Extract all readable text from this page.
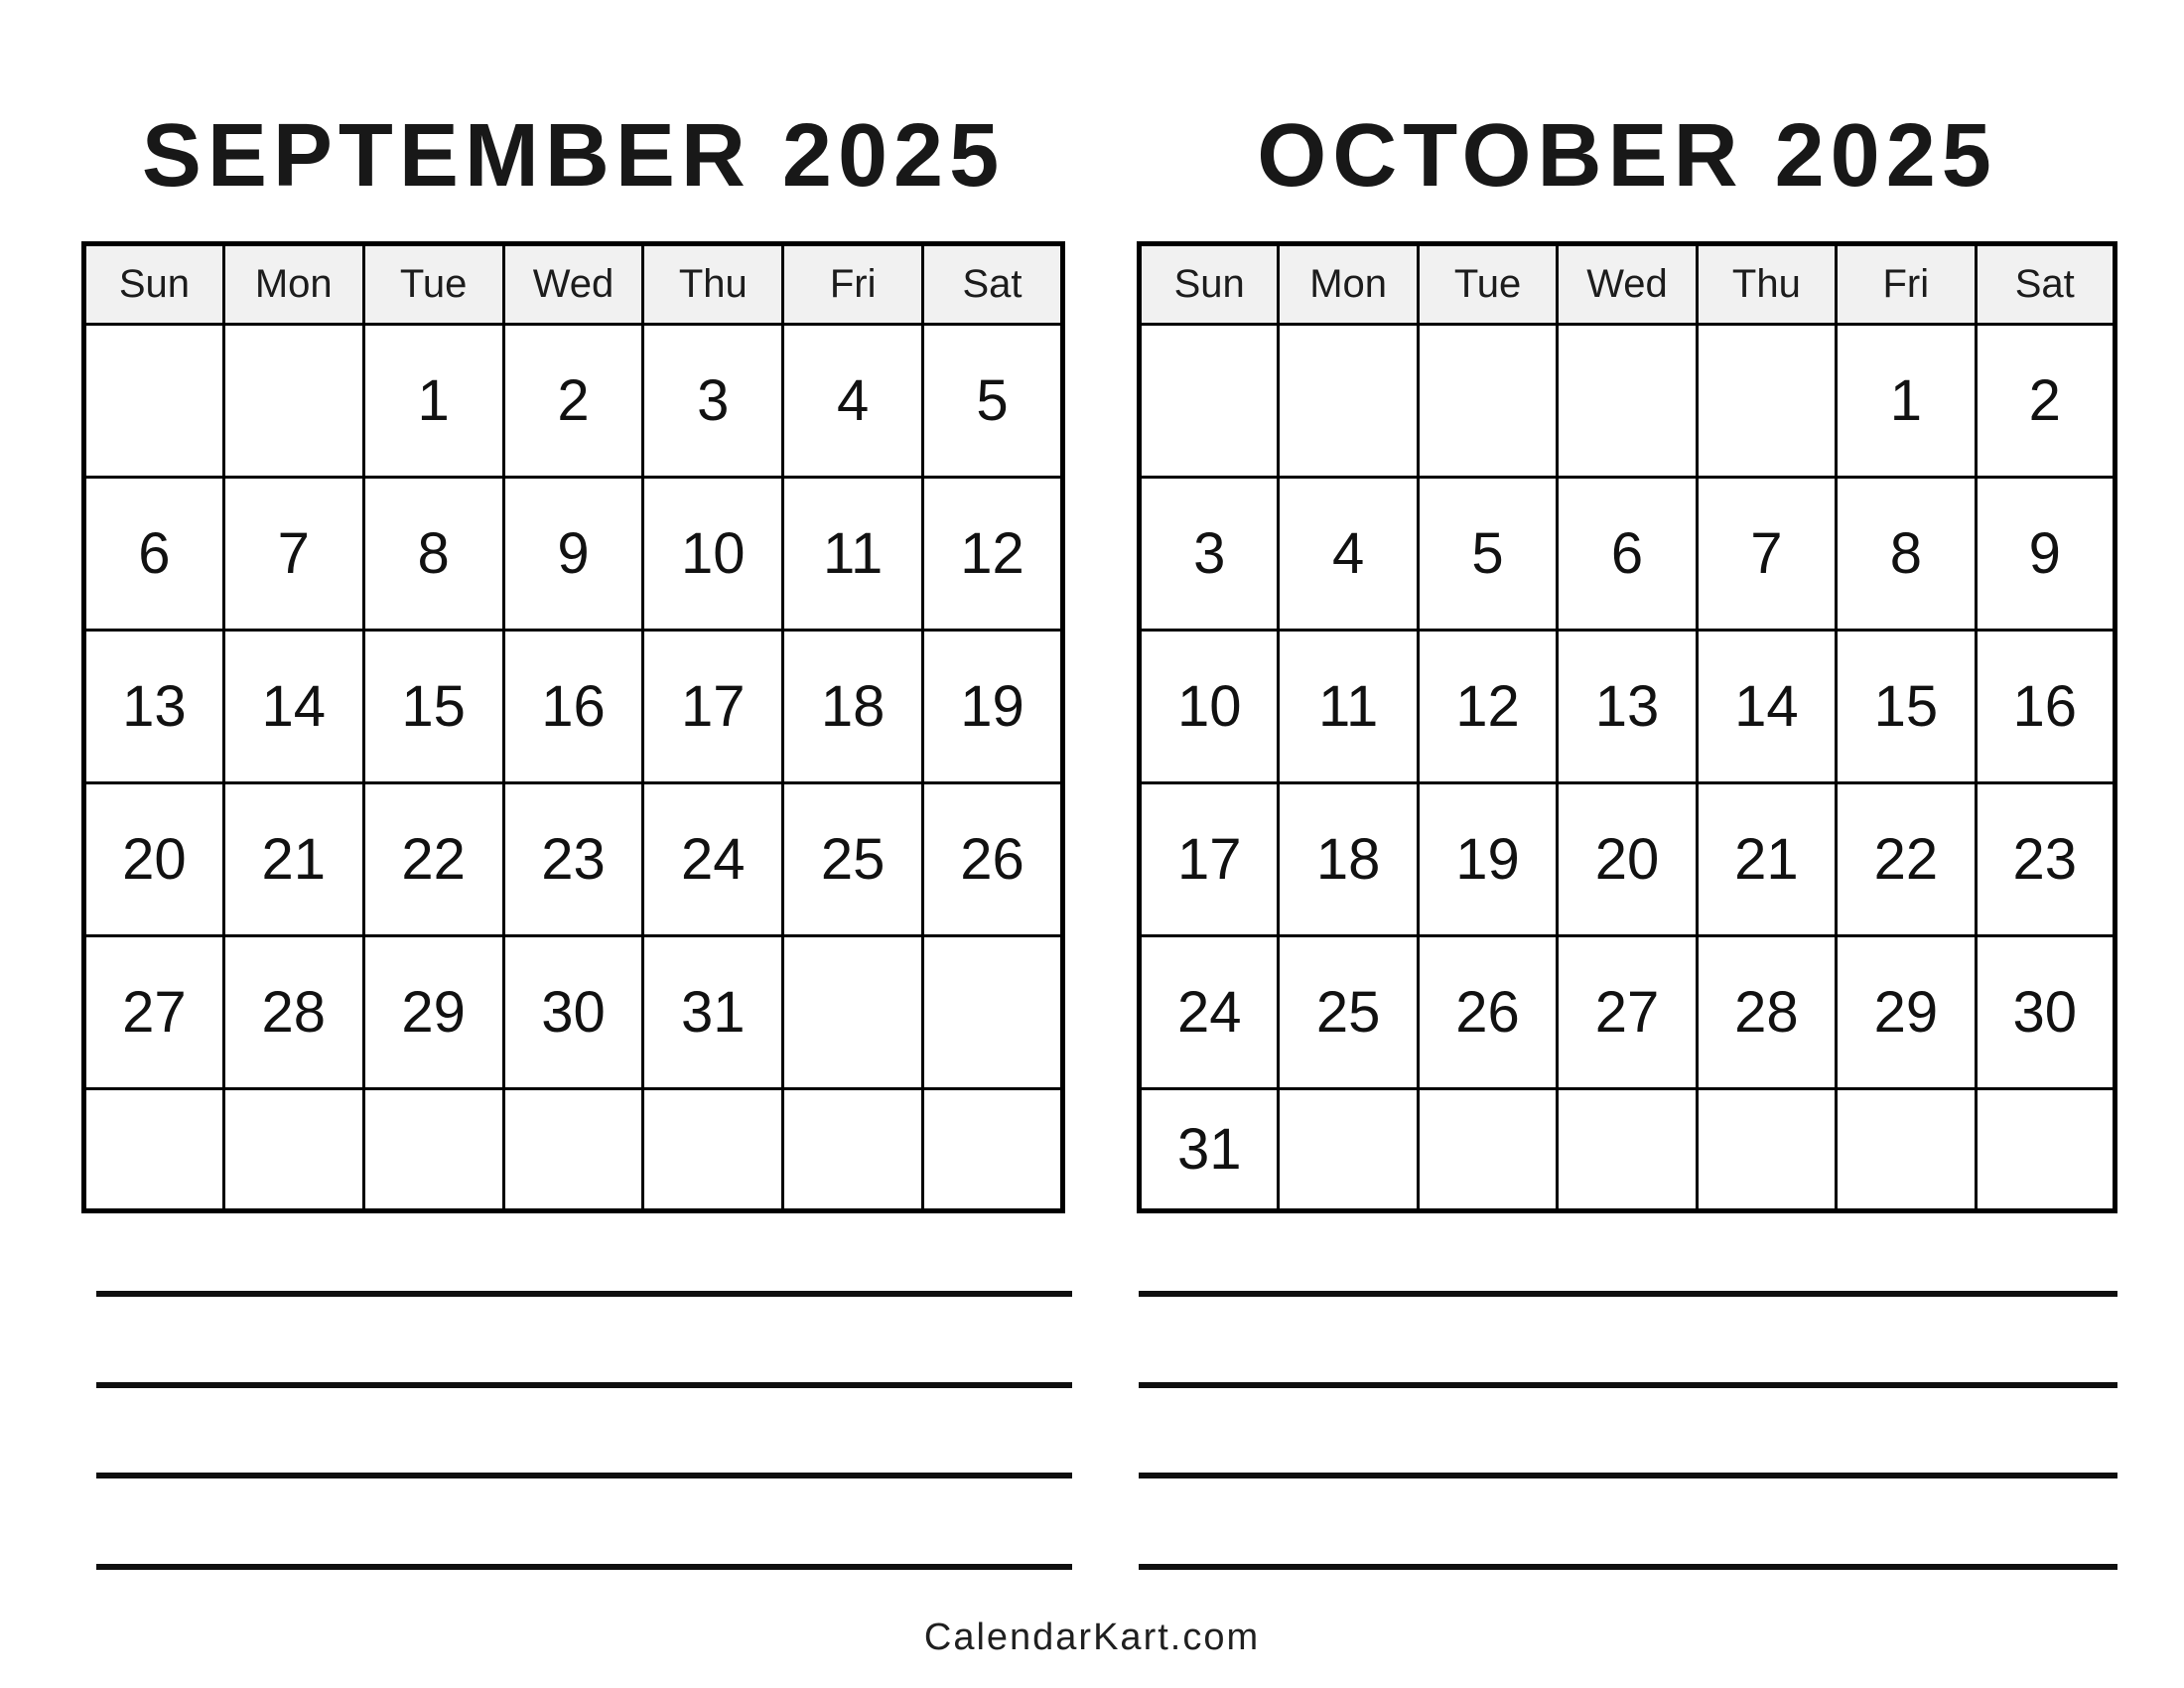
SEPTEMBER 2025
Sun	Mon	Tue	Wed	Thu	Fri	Sat
		1	2	3	4	5
6	7	8	9	10	11	12
13	14	15	16	17	18	19
20	21	22	23	24	25	26
27	28	29	30	31		

OCTOBER 2025
Sun	Mon	Tue	Wed	Thu	Fri	Sat
					1	2
3	4	5	6	7	8	9
10	11	12	13	14	15	16
17	18	19	20	21	22	23
24	25	26	27	28	29	30
31						
CalendarKart.com
